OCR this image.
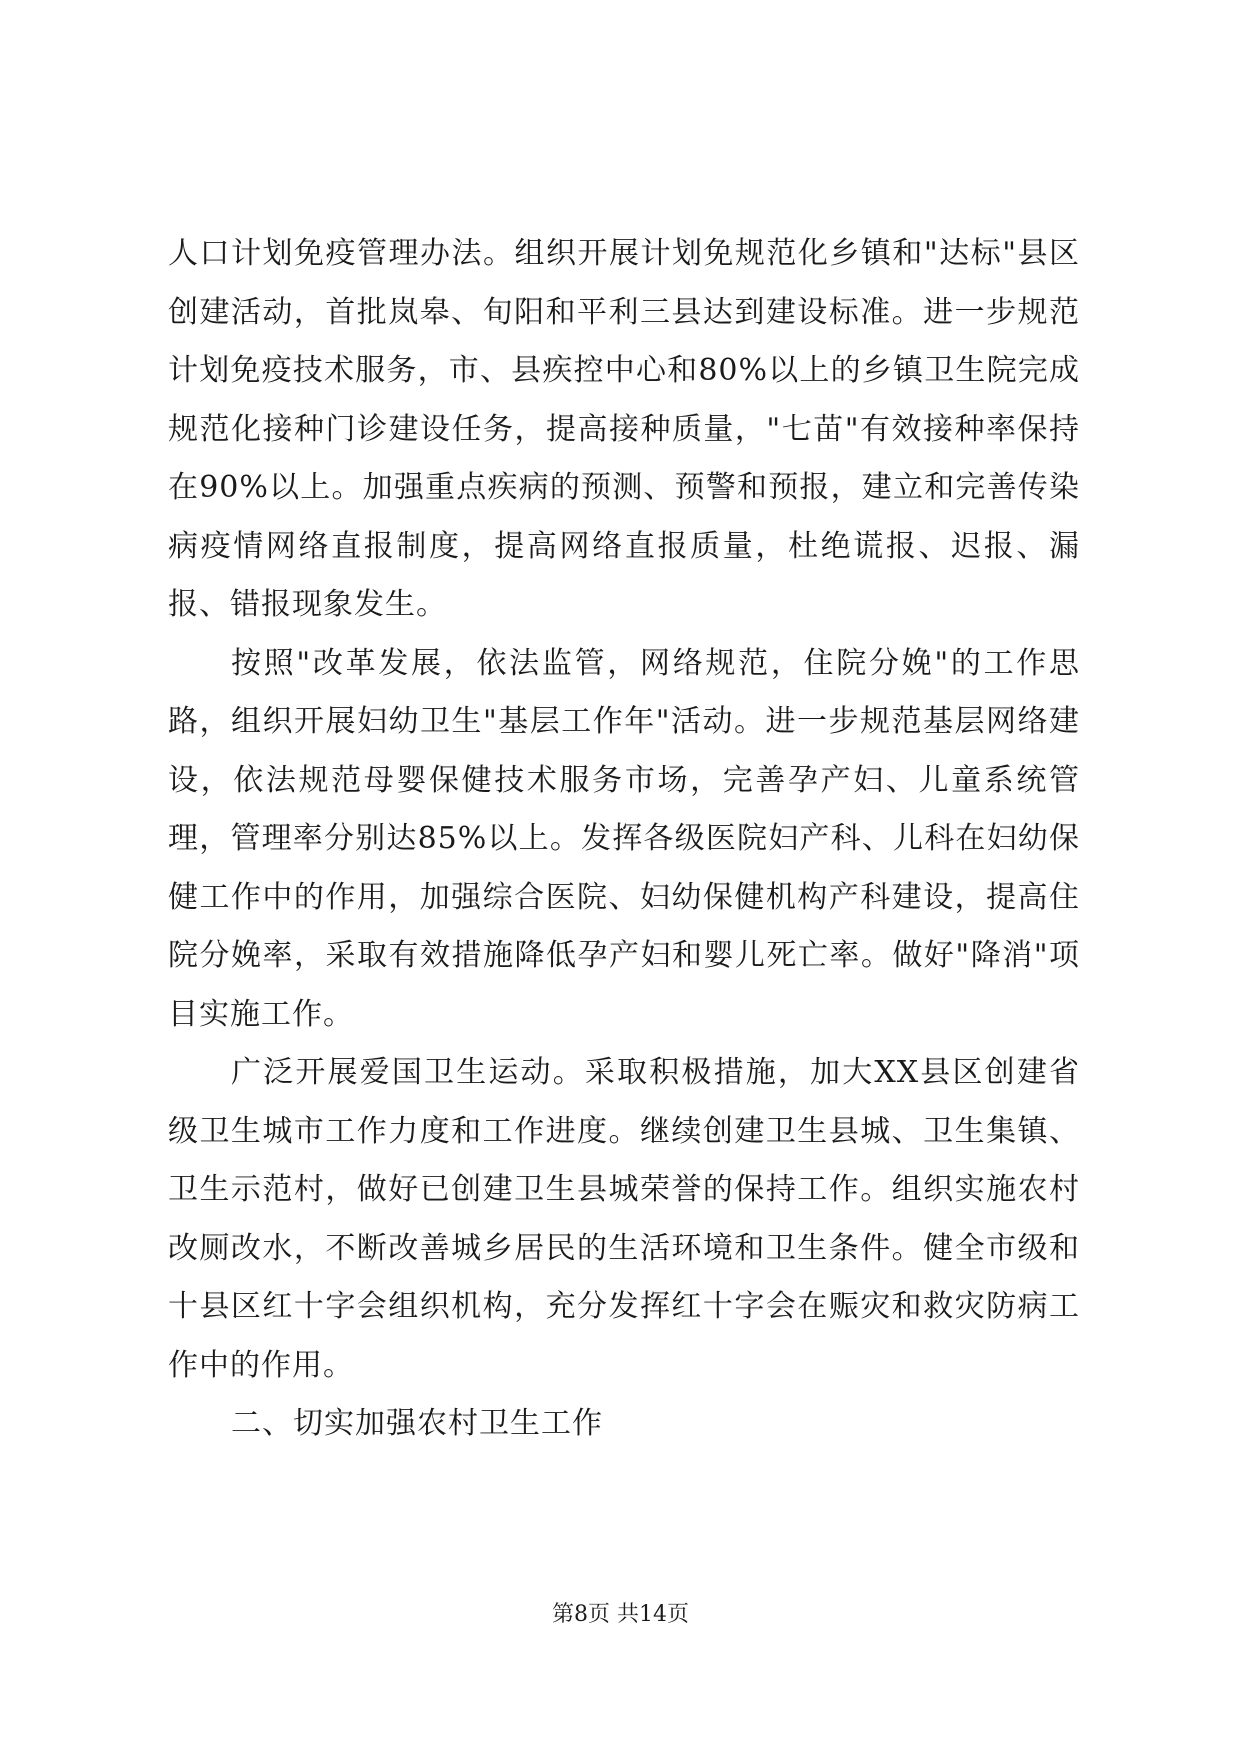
人口计划免疫管理办法。组织开展计划免规范化乡镇和"达标"县区创建活动，首批岚皋、旬阳和平利三县达到建设标准。进一步规范计划免疫技术服务，市、县疾控中心和80%以上的乡镇卫生院完成规范化接种门诊建设任务，提高接种质量，"七苗"有效接种率保持在90%以上。加强重点疾病的预测、预警和预报，建立和完善传染病疫情网络直报制度，提高网络直报质量，杜绝谎报、迟报、漏报、错报现象发生。

按照"改革发展，依法监管，网络规范，住院分娩"的工作思路，组织开展妇幼卫生"基层工作年"活动。进一步规范基层网络建设，依法规范母婴保健技术服务市场，完善孕产妇、儿童系统管理，管理率分别达85%以上。发挥各级医院妇产科、儿科在妇幼保健工作中的作用，加强综合医院、妇幼保健机构产科建设，提高住院分娩率，采取有效措施降低孕产妇和婴儿死亡率。做好"降消"项目实施工作。

广泛开展爱国卫生运动。采取积极措施，加大XX县区创建省级卫生城市工作力度和工作进度。继续创建卫生县城、卫生集镇、卫生示范村，做好已创建卫生县城荣誉的保持工作。组织实施农村改厕改水，不断改善城乡居民的生活环境和卫生条件。健全市级和十县区红十字会组织机构，充分发挥红十字会在赈灾和救灾防病工作中的作用。

二、切实加强农村卫生工作

第8页 共14页
